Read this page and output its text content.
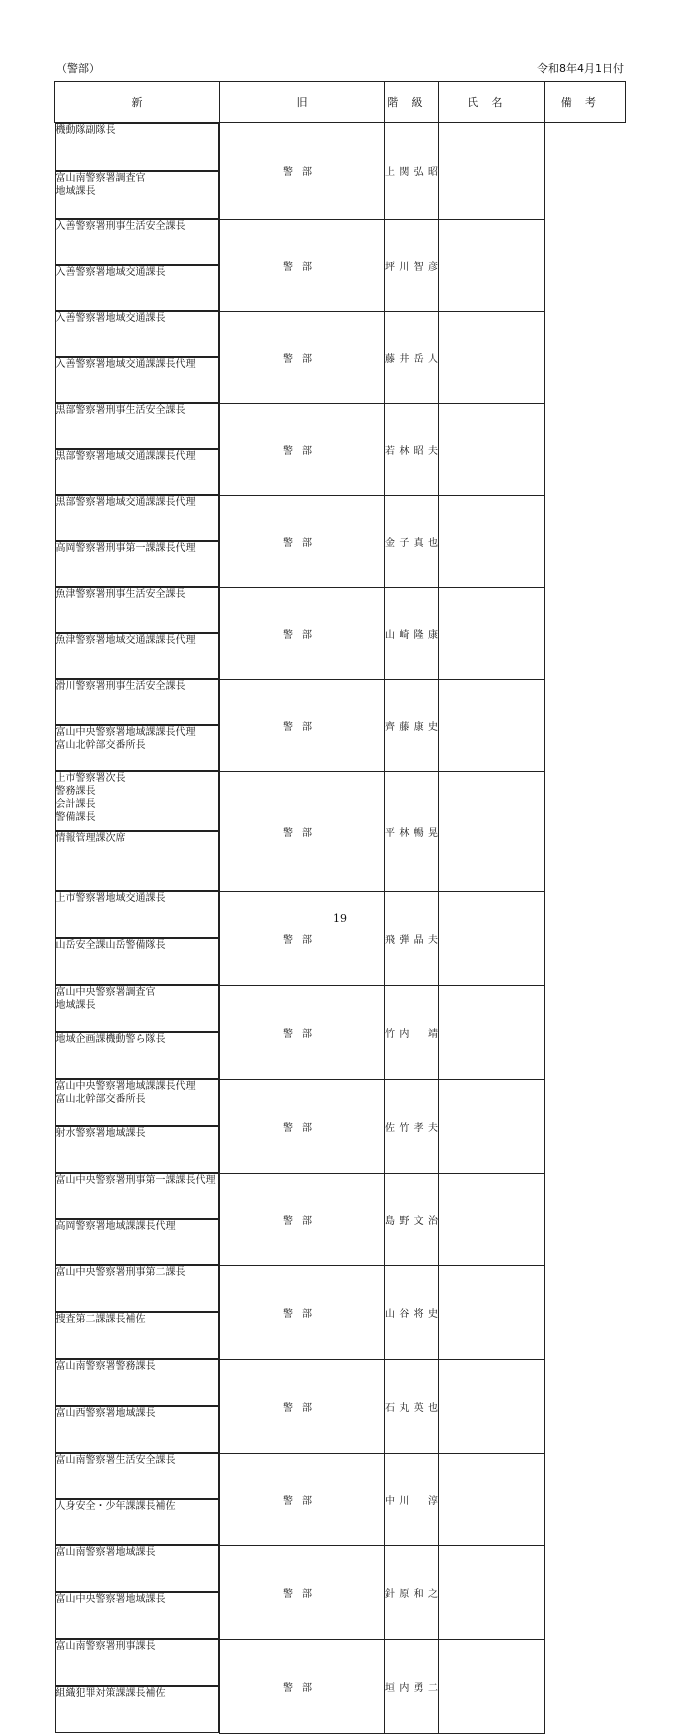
（警部）	令和8年4月1日付
新	旧	階級	氏名	備考

機動隊副隊長
富山南警察署調査官
地域課長
警部	上関弘昭		

入善警察署刑事生活安全課長
入善警察署地域交通課長	警部	坪川智彦		

入善警察署地域交通課長
入善警察署地域交通課課長代理	警部	藤井岳人		

黒部警察署刑事生活安全課長
黒部警察署地域交通課課長代理	警部	若林昭夫		

黒部警察署地域交通課課長代理
高岡警察署刑事第一課課長代理	警部	金子真也		

魚津警察署刑事生活安全課長
魚津警察署地域交通課課長代理	警部	山崎隆康		

滑川警察署刑事生活安全課長
富山中央警察署地域課課長代理
富山北幹部交番所長
警部	齊藤康史		

上市警察署次長
警務課長
会計課長
警備課長
情報管理課次席	警部	平林暢晃		

上市警察署地域交通課長
山岳安全課山岳警備隊長	警部	飛弾晶夫		

富山中央警察署調査官
地域課長
地域企画課機動警ら隊長	警部	竹内　靖		

富山中央警察署地域課課長代理
富山北幹部交番所長
射水警察署地域課長	警部	佐竹孝夫		

富山中央警察署刑事第一課課長代理
高岡警察署地域課課長代理	警部	島野文治		

富山中央警察署刑事第二課長
捜査第二課課長補佐	警部	山谷将史		

富山南警察署警務課長
富山西警察署地域課長	警部	石丸英也		

富山南警察署生活安全課長
人身安全・少年課課長補佐	警部	中川　淳		

富山南警察署地域課長
富山中央警察署地域課長	警部	針原和之		

富山南警察署刑事課長
組織犯罪対策課課長補佐	警部	垣内勇二		
19
